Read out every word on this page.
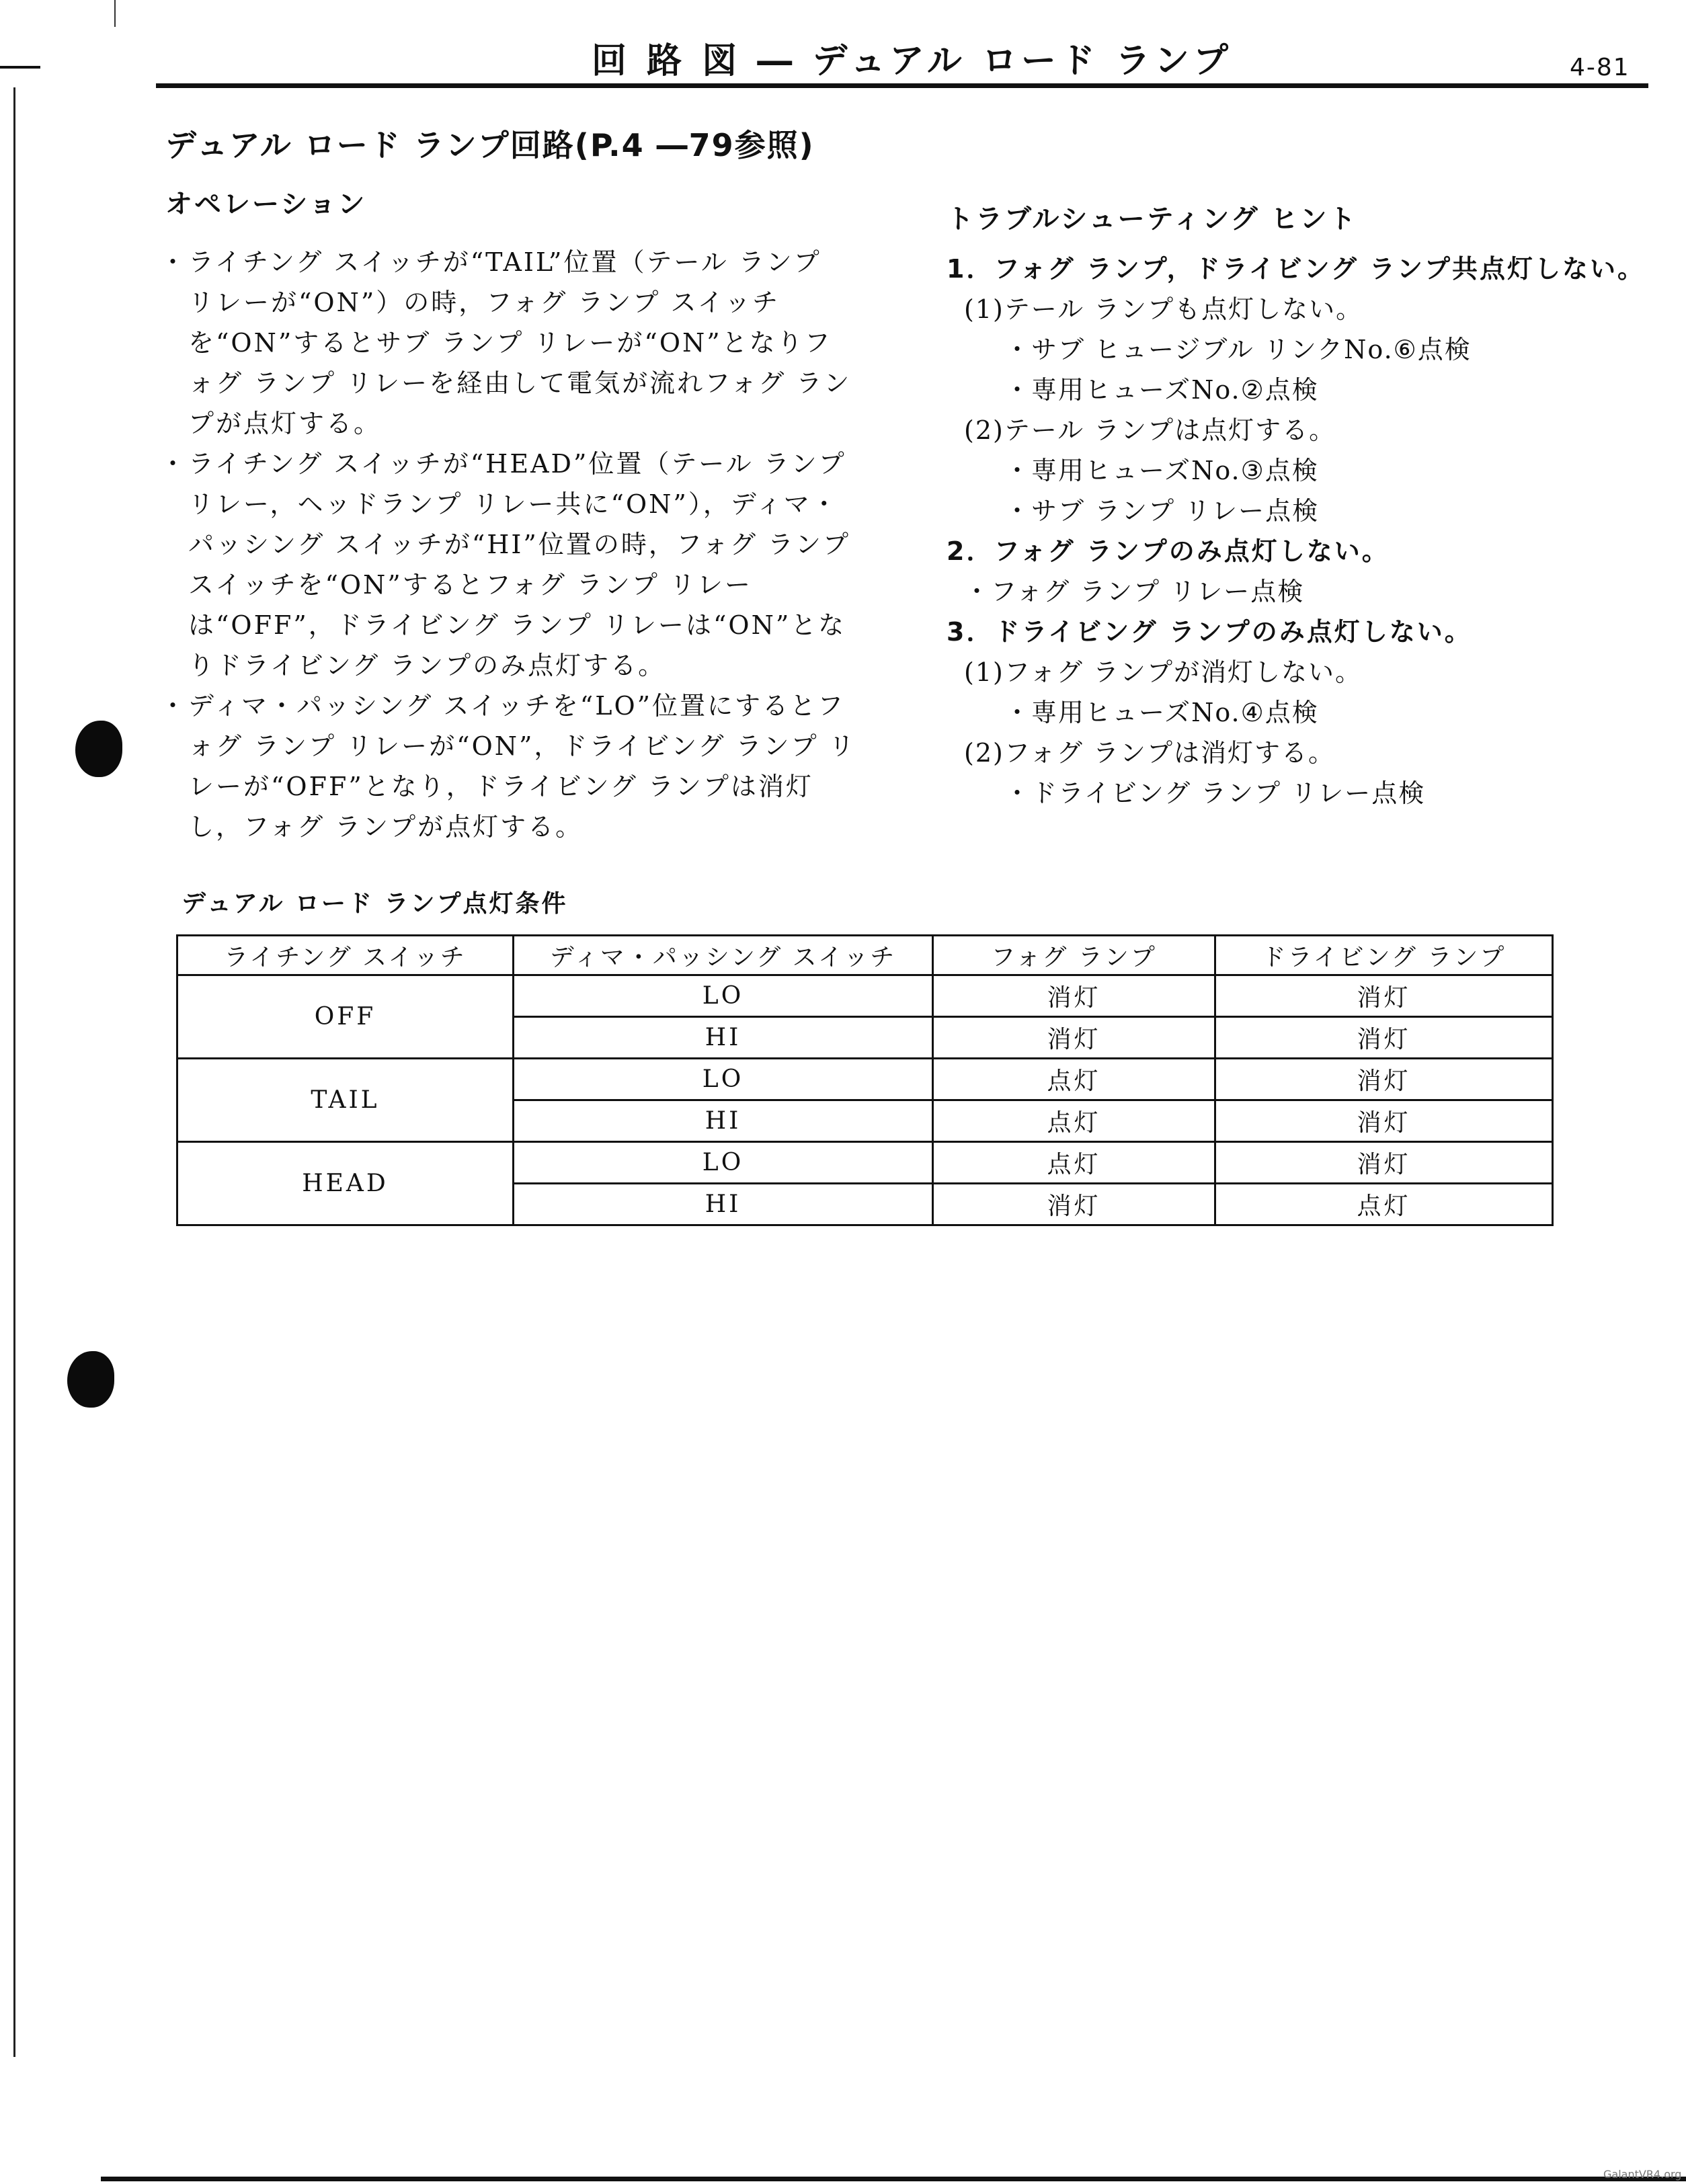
回 路 図 ― デュアル ロード ランプ	4-81
デュアル ロード ランプ回路(P.4 ―79参照)
オペレーション

・ ライチング スイッチが“TAIL”位置（テール ランプ リレーが“ON”）の時，フォグ ランプ スイッチを“ON”するとサブ ランプ リレーが“ON”となりフォグ ランプ リレーを経由して電気が流れフォグ ランプが点灯する。

・ ライチング スイッチが“HEAD”位置（テール ランプ リレー，ヘッドランプ リレー共に“ON”），ディマ・パッシング スイッチが“HI”位置の時，フォグ ランプ スイッチを“ON”するとフォグ ランプ リレーは“OFF”，ドライビング ランプ リレーは“ON”となりドライビング ランプのみ点灯する。

・ ディマ・パッシング スイッチを“LO”位置にするとフォグ ランプ リレーが“ON”，ドライビング ランプ リレーが“OFF”となり，ドライビング ランプは消灯し，フォグ ランプが点灯する。

トラブルシューティング ヒント
1．フォグ ランプ，ドライビング ランプ共点灯しない。
(1)テール ランプも点灯しない。
・サブ ヒュージブル リンクNo.⑥点検
・専用ヒューズNo.②点検
(2)テール ランプは点灯する。
・専用ヒューズNo.③点検
・サブ ランプ リレー点検
2．フォグ ランプのみ点灯しない。
・フォグ ランプ リレー点検
3．ドライビング ランプのみ点灯しない。
(1)フォグ ランプが消灯しない。
・専用ヒューズNo.④点検
(2)フォグ ランプは消灯する。
・ドライビング ランプ リレー点検
デュアル ロード ランプ点灯条件
ライチング スイッチ	ディマ・パッシング スイッチ	フォグ ランプ	ドライビング ランプ
OFF	LO	消灯	消灯
	HI	消灯	消灯
TAIL	LO	点灯	消灯
	HI	点灯	消灯
HEAD	LO	点灯	消灯
	HI	消灯	点灯
GalantVR4.org
